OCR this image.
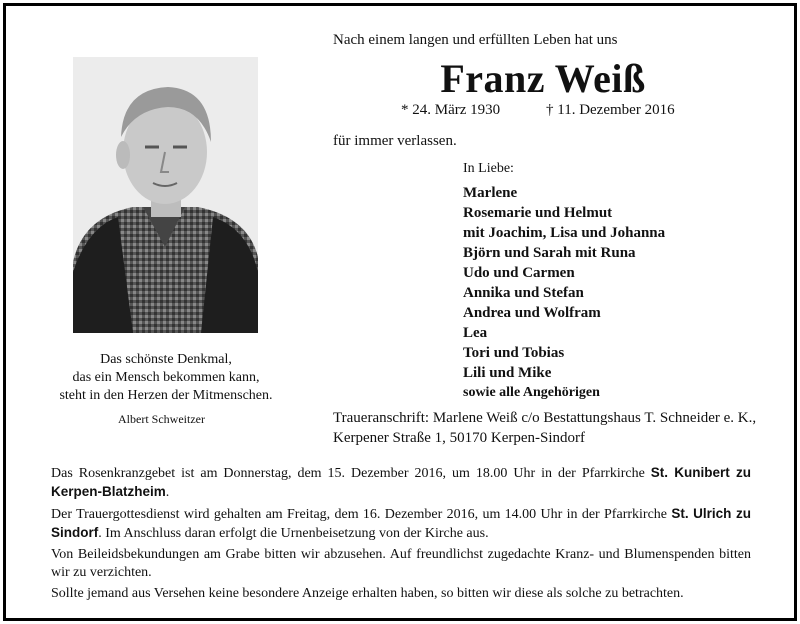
Nach einem langen und erfüllten Leben hat uns
Franz Weiß
* 24. März 1930	† 11. Dezember 2016
für immer verlassen.
In Liebe:
Marlene
Rosemarie und Helmut
mit Joachim, Lisa und Johanna
Björn und Sarah mit Runa
Udo und Carmen
Annika und Stefan
Andrea und Wolfram
Lea
Tori und Tobias
Lili und Mike
sowie alle Angehörigen
Das schönste Denkmal,
das ein Mensch bekommen kann,
steht in den Herzen der Mitmenschen.
Albert Schweitzer	Traueranschrift: Marlene Weiß c/o Bestattungshaus T. Schneider e. K.,
Kerpener Straße 1, 50170 Kerpen-Sindorf

Das Rosenkranzgebet ist am Donnerstag, dem 15. Dezember 2016, um 18.00 Uhr in der Pfarrkirche St. Kunibert zu Kerpen-Blatzheim.

Der Trauergottesdienst wird gehalten am Freitag, dem 16. Dezember 2016, um 14.00 Uhr in der Pfarrkirche St. Ulrich zu Sindorf. Im Anschluss daran erfolgt die Urnenbeisetzung von der Kirche aus.

Von Beileidsbekundungen am Grabe bitten wir abzusehen. Auf freundlichst zugedachte Kranz- und Blumenspenden bitten wir zu verzichten.

Sollte jemand aus Versehen keine besondere Anzeige erhalten haben, so bitten wir diese als solche zu betrachten.
